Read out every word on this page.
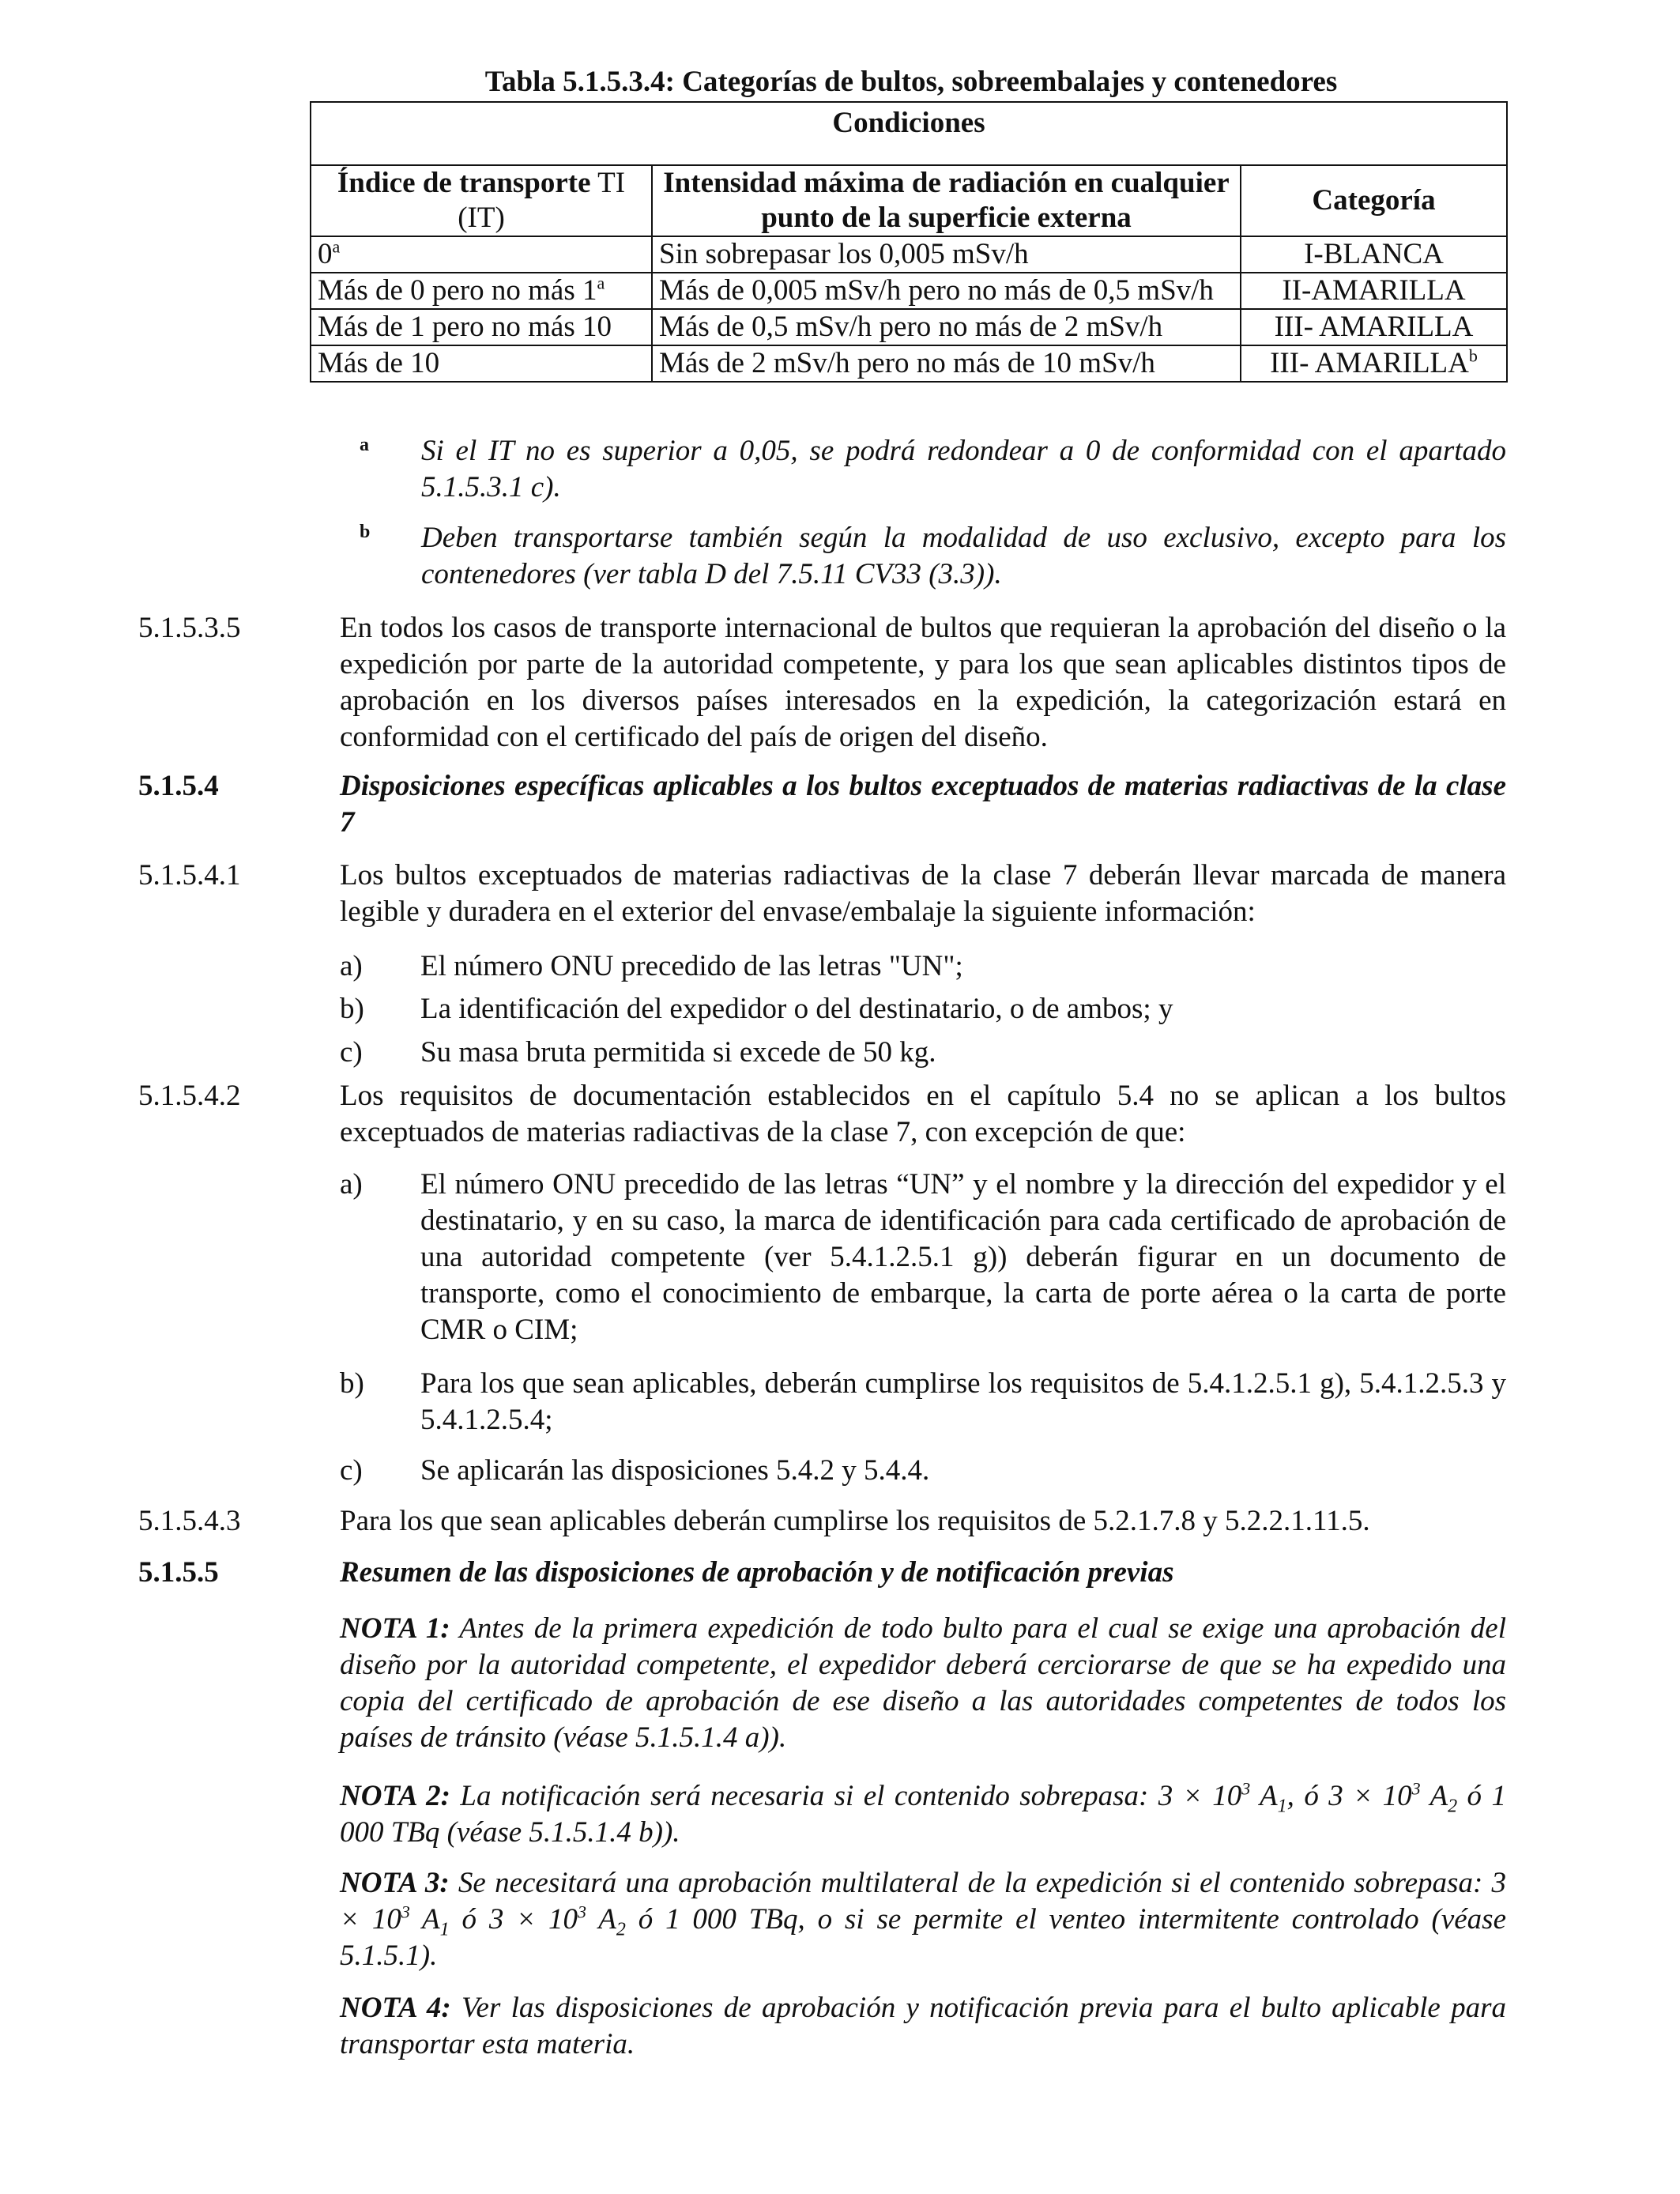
Tabla 5.1.5.3.4: Categorías de bultos, sobreembalajes y contenedores
Condiciones		
Índice de transporte TI (IT)	Intensidad máxima de radiación en cualquier punto de la superficie externa	Categoría
0$^a$	Sin sobrepasar los 0,005 mSv/h	I-BLANCA
Más de 0 pero no más 1$^a$	Más de 0,005 mSv/h pero no más de 0,5 mSv/h	II-AMARILLA
Más de 1 pero no más 10	Más de 0,5 mSv/h pero no más de 2 mSv/h	III- AMARILLA
Más de 10	Más de 2 mSv/h pero no más de 10 mSv/h	III- AMARILLA$^b$
a Si el IT no es superior a 0,05, se podrá redondear a 0 de conformidad con el apartado 5.1.5.3.1 c).
b Deben transportarse también según la modalidad de uso exclusivo, excepto para los contenedores (ver tabla D del 7.5.11 CV33 (3.3)).
5.1.5.3.5	En todos los casos de transporte internacional de bultos que requieran la aprobación del diseño o la expedición por parte de la autoridad competente, y para los que sean aplicables distintos tipos de aprobación en los diversos países interesados en la expedición, la categorización estará en conformidad con el certificado del país de origen del diseño.
5.1.5.4	Disposiciones específicas aplicables a los bultos exceptuados de materias radiactivas de la clase 7
5.1.5.4.1	Los bultos exceptuados de materias radiactivas de la clase 7 deberán llevar marcada de manera legible y duradera en el exterior del envase/embalaje la siguiente información:
a) El número ONU precedido de las letras "UN";
b) La identificación del expedidor o del destinatario, o de ambos; y
c) Su masa bruta permitida si excede de 50 kg.
5.1.5.4.2	Los requisitos de documentación establecidos en el capítulo 5.4 no se aplican a los bultos exceptuados de materias radiactivas de la clase 7, con excepción de que:
a) El número ONU precedido de las letras “UN” y el nombre y la dirección del expedidor y el destinatario, y en su caso, la marca de identificación para cada certificado de aprobación de una autoridad competente (ver 5.4.1.2.5.1 g)) deberán figurar en un documento de transporte, como el conocimiento de embarque, la carta de porte aérea o la carta de porte CMR o CIM;
b) Para los que sean aplicables, deberán cumplirse los requisitos de 5.4.1.2.5.1 g), 5.4.1.2.5.3 y 5.4.1.2.5.4;
c) Se aplicarán las disposiciones 5.4.2 y 5.4.4.
5.1.5.4.3	Para los que sean aplicables deberán cumplirse los requisitos de 5.2.1.7.8 y 5.2.2.1.11.5.
5.1.5.5	Resumen de las disposiciones de aprobación y de notificación previas
NOTA 1: Antes de la primera expedición de todo bulto para el cual se exige una aprobación del diseño por la autoridad competente, el expedidor deberá cerciorarse de que se ha expedido una copia del certificado de aprobación de ese diseño a las autoridades competentes de todos los países de tránsito (véase 5.1.5.1.4 a)).
NOTA 2: La notificación será necesaria si el contenido sobrepasa: $3 \times 10^3$ $A_1$, ó $3 \times 10^3$ $A_2$ ó 1 000 TBq (véase 5.1.5.1.4 b)).
NOTA 3: Se necesitará una aprobación multilateral de la expedición si el contenido sobrepasa: $3 \times 10^3$ $A_1$ ó $3 \times 10^3$ $A_2$ ó 1 000 TBq, o si se permite el venteo intermitente controlado (véase 5.1.5.1).
NOTA 4: Ver las disposiciones de aprobación y notificación previa para el bulto aplicable para transportar esta materia.
